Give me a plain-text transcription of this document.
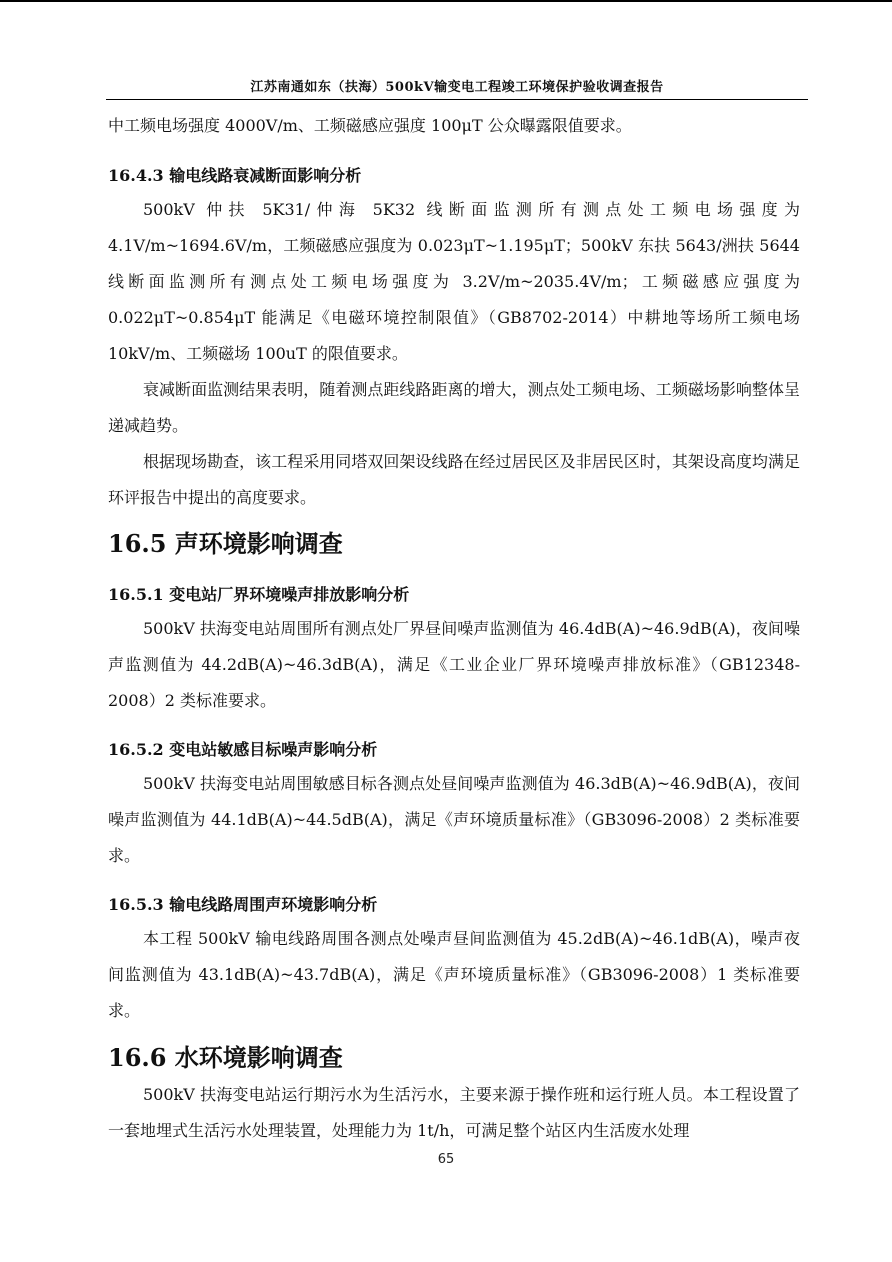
江苏南通如东（扶海）500kV输变电工程竣工环境保护验收调查报告

中工频电场强度 4000V/m、工频磁感应强度 100μT 公众曝露限值要求。

16.4.3 输电线路衰减断面影响分析

500kV 仲扶 5K31/仲海 5K32 线断面监测所有测点处工频电场强度为 4.1V/m~1694.6V/m，工频磁感应强度为 0.023μT~1.195μT；500kV 东扶 5643/洲扶 5644 线断面监测所有测点处工频电场强度为 3.2V/m~2035.4V/m；工频磁感应强度为 0.022μT~0.854μT 能满足《电磁环境控制限值》（GB8702-2014）中耕地等场所工频电场 10kV/m、工频磁场 100uT 的限值要求。

衰减断面监测结果表明，随着测点距线路距离的增大，测点处工频电场、工频磁场影响整体呈递减趋势。

根据现场勘查，该工程采用同塔双回架设线路在经过居民区及非居民区时，其架设高度均满足环评报告中提出的高度要求。

16.5 声环境影响调查
16.5.1 变电站厂界环境噪声排放影响分析

500kV 扶海变电站周围所有测点处厂界昼间噪声监测值为 46.4dB(A)~46.9dB(A)，夜间噪声监测值为 44.2dB(A)~46.3dB(A)，满足《工业企业厂界环境噪声排放标准》（GB12348-2008）2 类标准要求。

16.5.2 变电站敏感目标噪声影响分析

500kV 扶海变电站周围敏感目标各测点处昼间噪声监测值为 46.3dB(A)~46.9dB(A)，夜间噪声监测值为 44.1dB(A)~44.5dB(A)，满足《声环境质量标准》（GB3096-2008）2 类标准要求。

16.5.3 输电线路周围声环境影响分析

本工程 500kV 输电线路周围各测点处噪声昼间监测值为 45.2dB(A)~46.1dB(A)，噪声夜间监测值为 43.1dB(A)~43.7dB(A)，满足《声环境质量标准》（GB3096-2008）1 类标准要求。

16.6 水环境影响调查

500kV 扶海变电站运行期污水为生活污水，主要来源于操作班和运行班人员。本工程设置了一套地埋式生活污水处理装置，处理能力为 1t/h，可满足整个站区内生活废水处理

65
